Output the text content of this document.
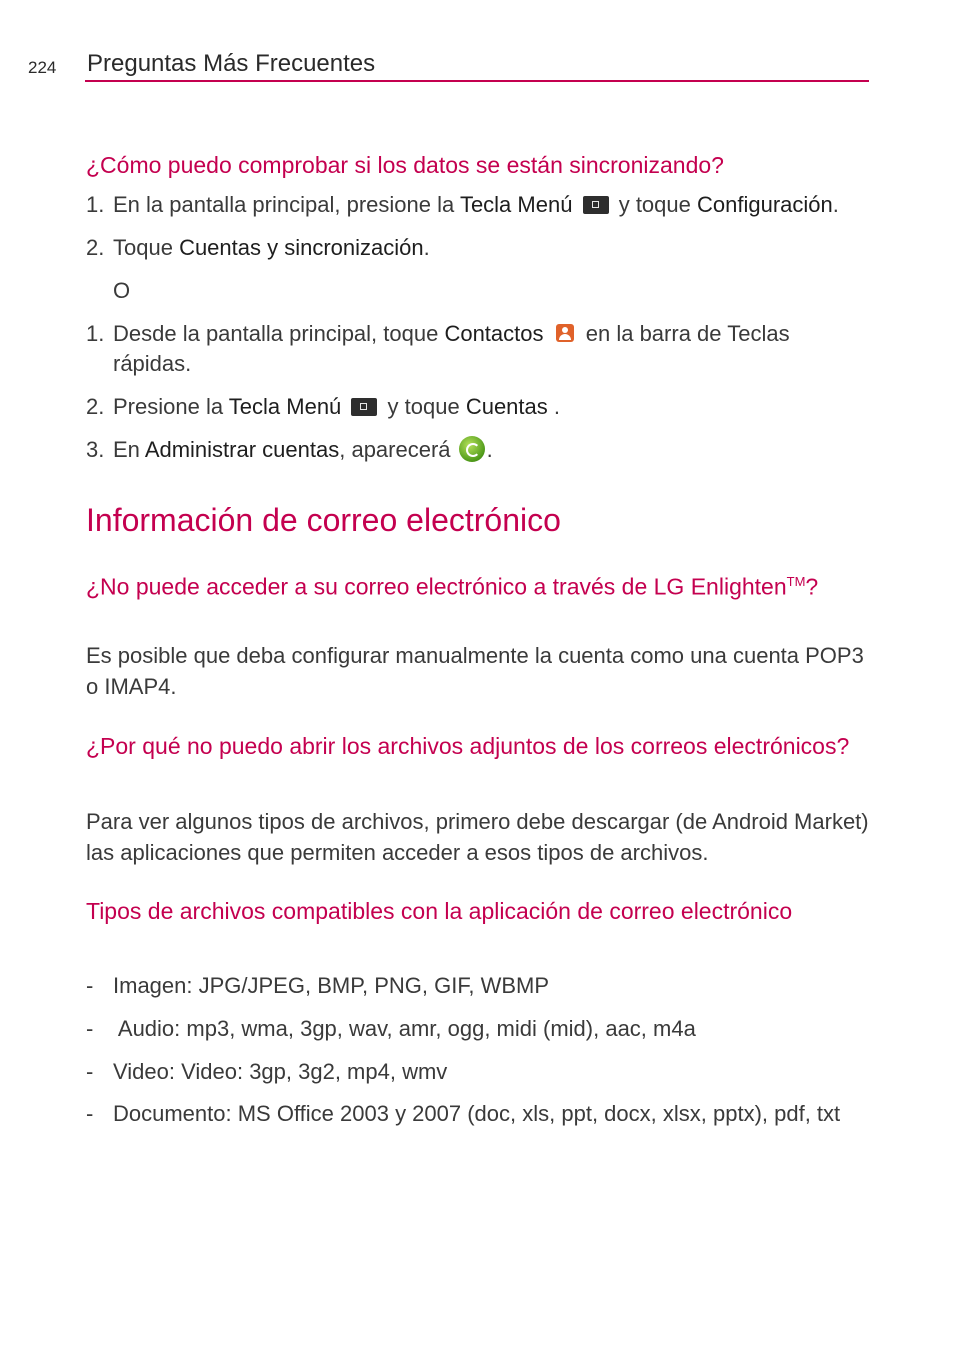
224 Preguntas Más Frecuentes
¿Cómo puedo comprobar si los datos se están sincronizando?
1. En la pantalla principal, presione la Tecla Menú  y toque Configuración.
2. Toque Cuentas y sincronización.
O
1. Desde la pantalla principal, toque Contactos  en la barra de Teclas rápidas.
2. Presione la Tecla Menú  y toque Cuentas .
3. En Administrar cuentas, aparecerá .
Información de correo electrónico
¿No puede acceder a su correo electrónico a través de LG Enlighten™?

Es posible que deba configurar manualmente la cuenta como una cuenta POP3 o IMAP4.

¿Por qué no puedo abrir los archivos adjuntos de los correos electrónicos?

Para ver algunos tipos de archivos, primero debe descargar (de Android Market) las aplicaciones que permiten acceder a esos tipos de archivos.

Tipos de archivos compatibles con la aplicación de correo electrónico
- Imagen: JPG/JPEG, BMP, PNG, GIF, WBMP
- Audio: mp3, wma, 3gp, wav, amr, ogg, midi (mid), aac, m4a
- Video: Video: 3gp, 3g2, mp4, wmv
- Documento: MS Office 2003 y 2007 (doc, xls, ppt, docx, xlsx, pptx), pdf, txt
